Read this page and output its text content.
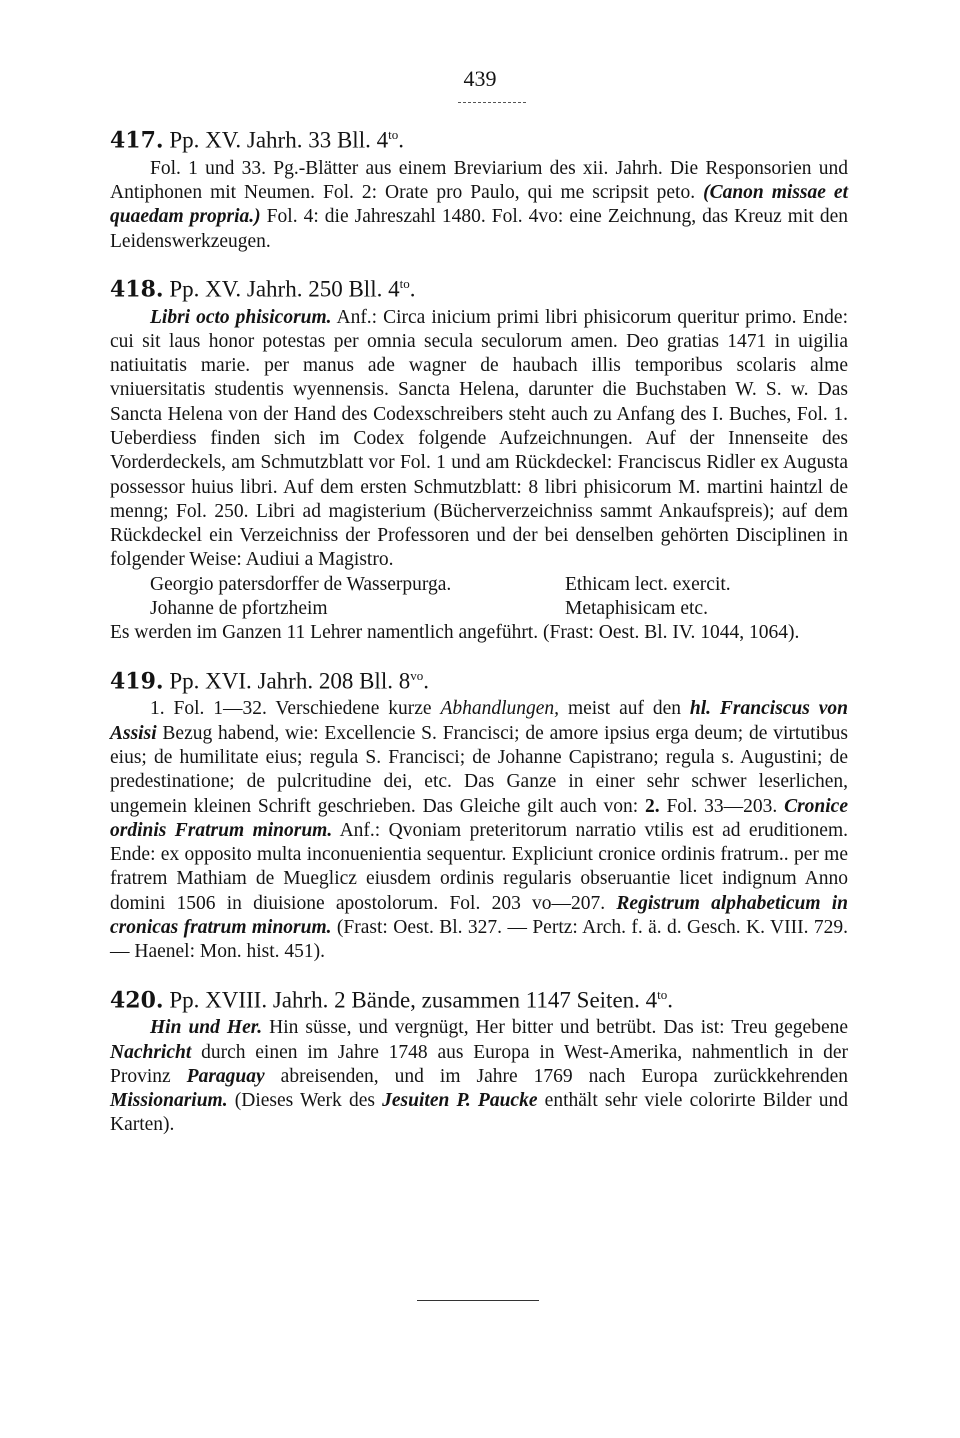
439
417. Pp. XV. Jahrh. 33 Bll. $4^{to}$.
Fol. 1 und 33. Pg.-Blätter aus einem Breviarium des xii. Jahrh. Die Responsorien und Antiphonen mit Neumen. Fol. 2: Orate pro Paulo, qui me scripsit peto. (Canon missae et quaedam propria.) Fol. 4: die Jahreszahl 1480. Fol. 4vo: eine Zeichnung, das Kreuz mit den Leidenswerkzeugen.
418. Pp. XV. Jahrh. 250 Bll. $4^{to}$.
Libri octo phisicorum. Anf.: Circa inicium primi libri phisicorum queritur primo. Ende: cui sit laus honor potestas per omnia secula seculorum amen. Deo gratias 1471 in uigilia natiuitatis marie. per manus ade wagner de haubach illis temporibus scolaris alme vniuersitatis studentis wyennensis. Sancta Helena, darunter die Buchstaben W. S. w. Das Sancta Helena von der Hand des Codexschreibers steht auch zu Anfang des I. Buches, Fol. 1. Ueberdiess finden sich im Codex folgende Aufzeichnungen. Auf der Innenseite des Vorderdeckels, am Schmutzblatt vor Fol. 1 und am Rückdeckel: Franciscus Ridler ex Augusta possessor huius libri. Auf dem ersten Schmutzblatt: 8 libri phisicorum M. martini haintzl de menng; Fol. 250. Libri ad magisterium (Bücherverzeichniss sammt Ankaufspreis); auf dem Rückdeckel ein Verzeichniss der Professoren und der bei denselben gehörten Disciplinen in folgender Weise: Audiui a Magistro.
Georgio patersdorffer de Wasserpurga.	Ethicam lect. exercit.
Johanne de pfortzheim	Metaphisicam etc.
Es werden im Ganzen 11 Lehrer namentlich angeführt. (Frast: Oest. Bl. IV. 1044, 1064).
419. Pp. XVI. Jahrh. 208 Bll. $8^{vo}$.
1. Fol. 1—32. Verschiedene kurze Abhandlungen, meist auf den hl. Franciscus von Assisi Bezug habend, wie: Excellencie S. Francisci; de amore ipsius erga deum; de virtutibus eius; de humilitate eius; regula S. Francisci; de Johanne Capistrano; regula s. Augustini; de predestinatione; de pulcritudine dei, etc. Das Ganze in einer sehr schwer leserlichen, ungemein kleinen Schrift geschrieben. Das Gleiche gilt auch von: 2. Fol. 33—203. Cronice ordinis Fratrum minorum. Anf.: Qvoniam preteritorum narratio vtilis est ad eruditionem. Ende: ex opposito multa inconuenientia sequentur. Expliciunt cronice ordinis fratrum.. per me fratrem Mathiam de Mueglicz eiusdem ordinis regularis obseruantie licet indignum Anno domini 1506 in diuisione apostolorum. Fol. 203 vo—207. Registrum alphabeticum in cronicas fratrum minorum. (Frast: Oest. Bl. 327. — Pertz: Arch. f. ä. d. Gesch. K. VIII. 729. — Haenel: Mon. hist. 451).
420. Pp. XVIII. Jahrh. 2 Bände, zusammen 1147 Seiten. $4^{to}$.
Hin und Her. Hin süsse, und vergnügt, Her bitter und betrübt. Das ist: Treu gegebene Nachricht durch einen im Jahre 1748 aus Europa in West-Amerika, nahmentlich in der Provinz Paraguay abreisenden, und im Jahre 1769 nach Europa zurückkehrenden Missionarium. (Dieses Werk des Jesuiten P. Paucke enthält sehr viele colorirte Bilder und Karten).
